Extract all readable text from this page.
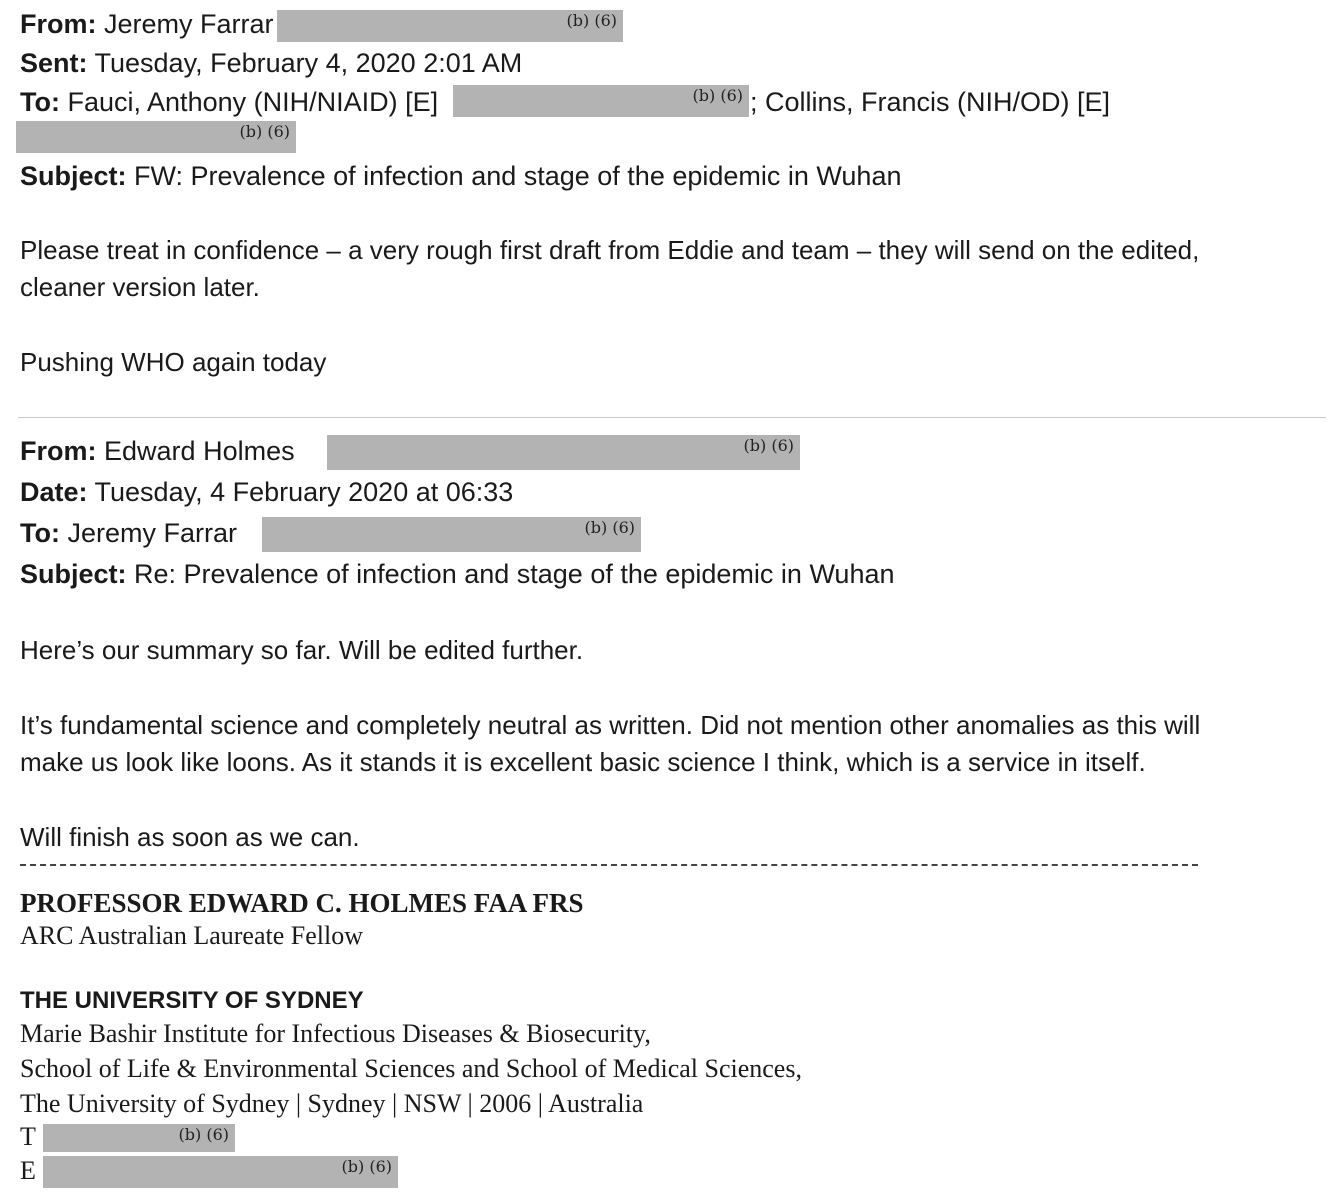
From: Jeremy Farrar	(b) (6)
Sent: Tuesday, February 4, 2020 2:01 AM
To: Fauci, Anthony (NIH/NIAID) [E]	(b) (6) ; Collins, Francis (NIH/OD) [E]
(b) (6)
Subject: FW: Prevalence of infection and stage of the epidemic in Wuhan
Please treat in confidence – a very rough first draft from Eddie and team – they will send on the edited,
cleaner version later.
Pushing WHO again today
From: Edward Holmes	(b) (6)
Date: Tuesday, 4 February 2020 at 06:33
To: Jeremy Farrar	(b) (6)
Subject: Re: Prevalence of infection and stage of the epidemic in Wuhan
Here’s our summary so far. Will be edited further.
It’s fundamental science and completely neutral as written. Did not mention other anomalies as this will
make us look like loons. As it stands it is excellent basic science I think, which is a service in itself.
Will finish as soon as we can.
PROFESSOR EDWARD C. HOLMES FAA FRS
ARC Australian Laureate Fellow
THE UNIVERSITY OF SYDNEY
Marie Bashir Institute for Infectious Diseases & Biosecurity,
School of Life & Environmental Sciences and School of Medical Sciences,
The University of Sydney | Sydney | NSW | 2006 | Australia
T	(b) (6)
E	(b) (6)
